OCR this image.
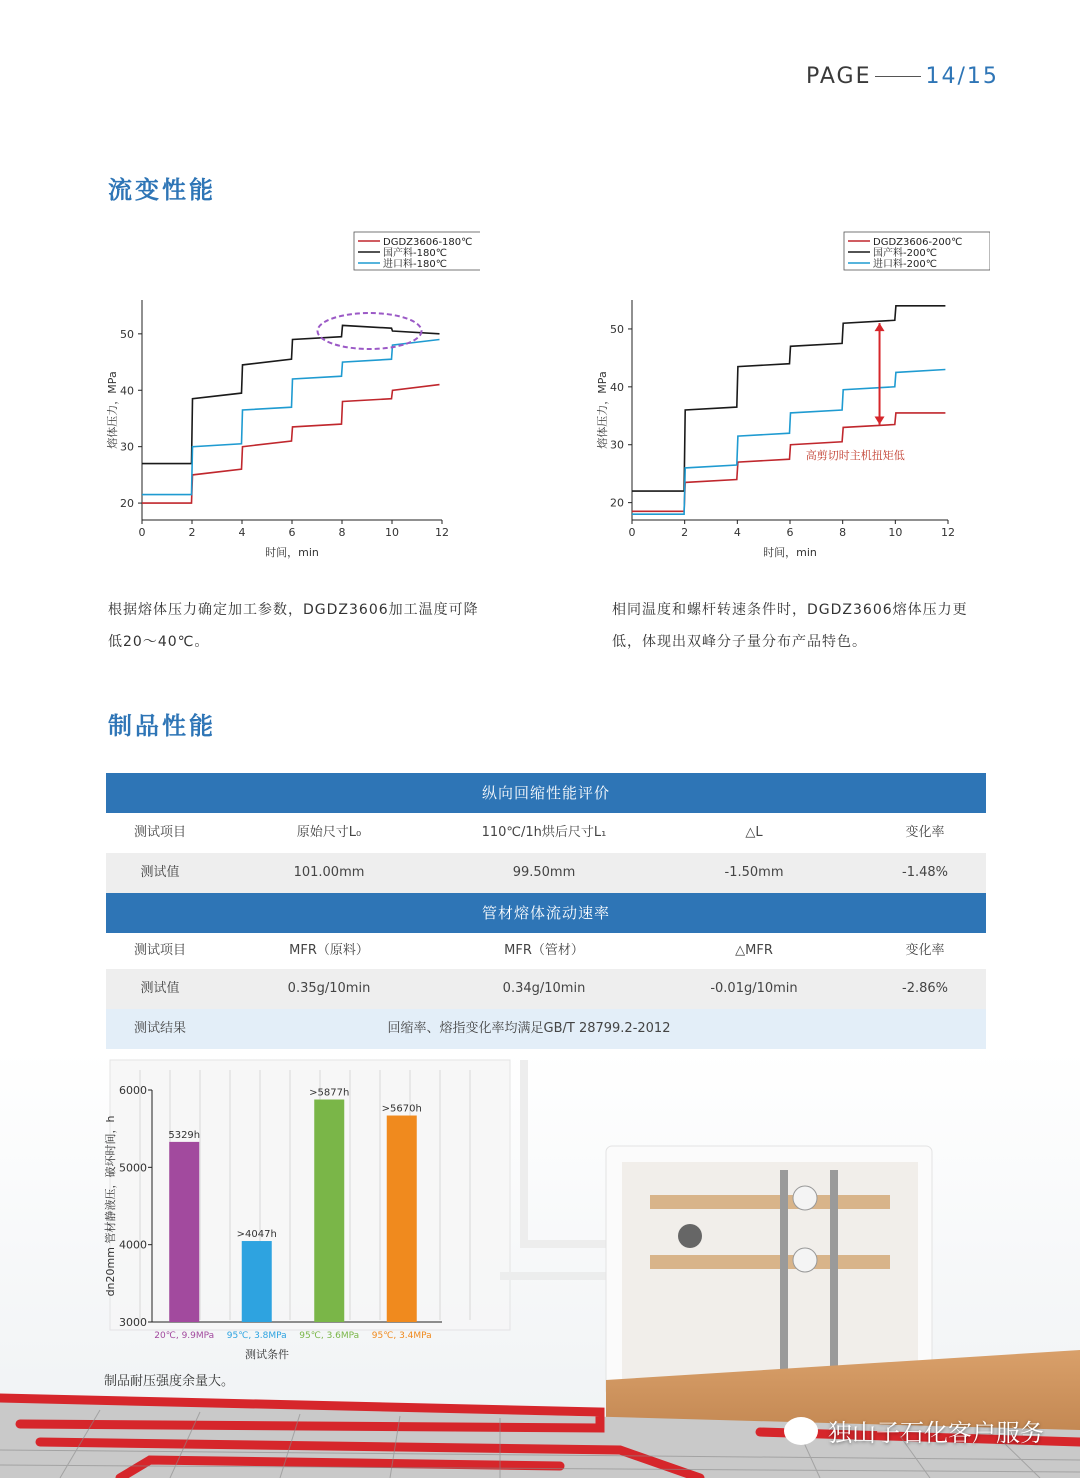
PAGE 14/15
流变性能
0	2	4	6	8	10	12
20
30
40
50
时间，min
熔体压力，MPa
DGDZ3606-180℃
国产料-180℃
进口料-180℃
0	2	4	6	8	10	12
20
30
40
50
时间，min
熔体压力，MPa
DGDZ3606-200℃
国产料-200℃
进口料-200℃
高剪切时主机扭矩低
根据熔体压力确定加工参数，DGDZ3606加工温度可降
低20～40℃。
相同温度和螺杆转速条件时，DGDZ3606熔体压力更
低，体现出双峰分子量分布产品特色。
制品性能
纵向回缩性能评价
测试项目	原始尺寸L₀	110℃/1h烘后尺寸L₁	△L	变化率
测试值	101.00mm	99.50mm	-1.50mm	-1.48%
管材熔体流动速率
测试项目	MFR（原料）	MFR（管材）	△MFR	变化率
测试值	0.35g/10min	0.34g/10min	-0.01g/10min	-2.86%
测试结果	回缩率、熔指变化率均满足GB/T 28799.2-2012
3000
4000
5000
6000
5329h
20℃, 9.9MPa
>4047h
95℃, 3.8MPa
>5877h
95℃, 3.6MPa
>5670h
95℃, 3.4MPa
测试条件
dn20mm 管材静液压，破坏时间，h
制品耐压强度余量大。
独山子石化客户服务
